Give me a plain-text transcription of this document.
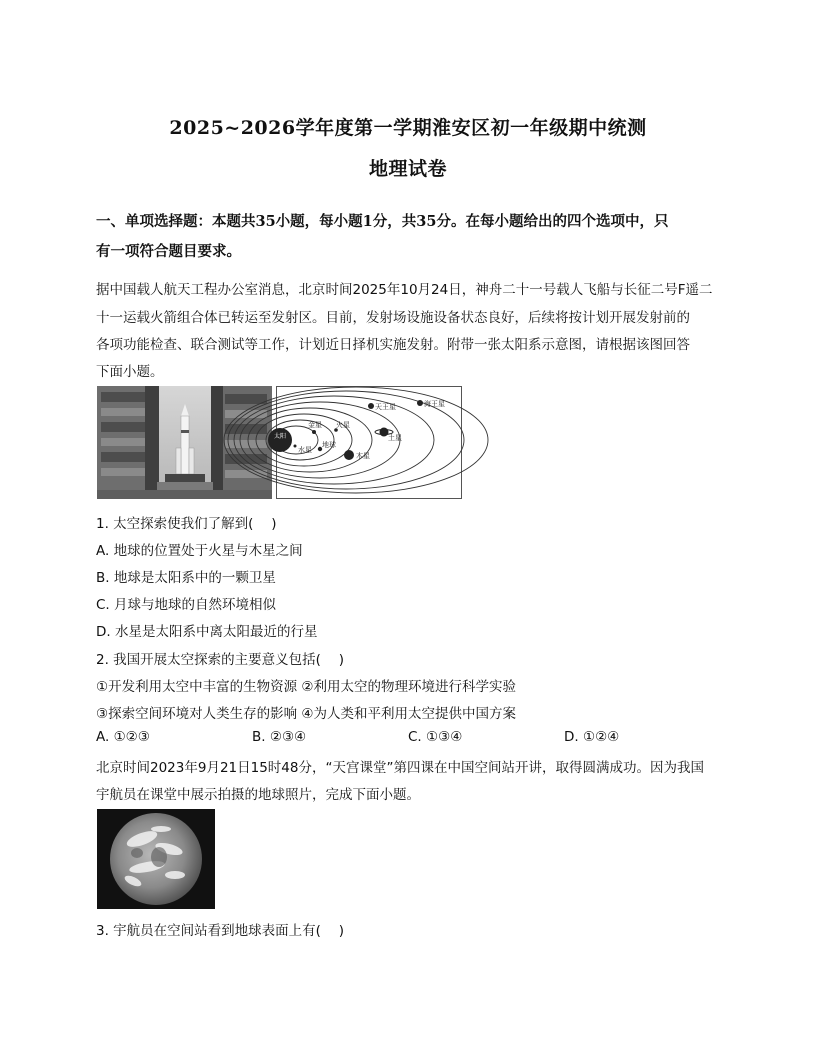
2025~2026学年度第一学期淮安区初一年级期中统测
地理试卷
一、单项选择题：本题共35小题，每小题1分，共35分。在每小题给出的四个选项中，只
有一项符合题目要求。
据中国载人航天工程办公室消息，北京时间2025年10月24日，神舟二十一号载人飞船与长征二号F遥二
十一运载火箭组合体已转运至发射区。目前，发射场设施设备状态良好，后续将按计划开展发射前的
各项功能检查、联合测试等工作，计划近日择机实施发射。附带一张太阳系示意图，请根据该图回答
下面小题。
太阳
水星
金星
地球
火星
木星
土星
天王星	海王星
1. 太空探索使我们了解到(　 )
A. 地球的位置处于火星与木星之间
B. 地球是太阳系中的一颗卫星
C. 月球与地球的自然环境相似
D. 水星是太阳系中离太阳最近的行星
2. 我国开展太空探索的主要意义包括(　 )
①开发利用太空中丰富的生物资源 ②利用太空的物理环境进行科学实验
③探索空间环境对人类生存的影响 ④为人类和平利用太空提供中国方案
A. ①②③	B. ②③④	C. ①③④	D. ①②④
北京时间2023年9月21日15时48分，“天宫课堂”第四课在中国空间站开讲，取得圆满成功。因为我国
宇航员在课堂中展示拍摄的地球照片，完成下面小题。
3. 宇航员在空间站看到地球表面上有(　 )
